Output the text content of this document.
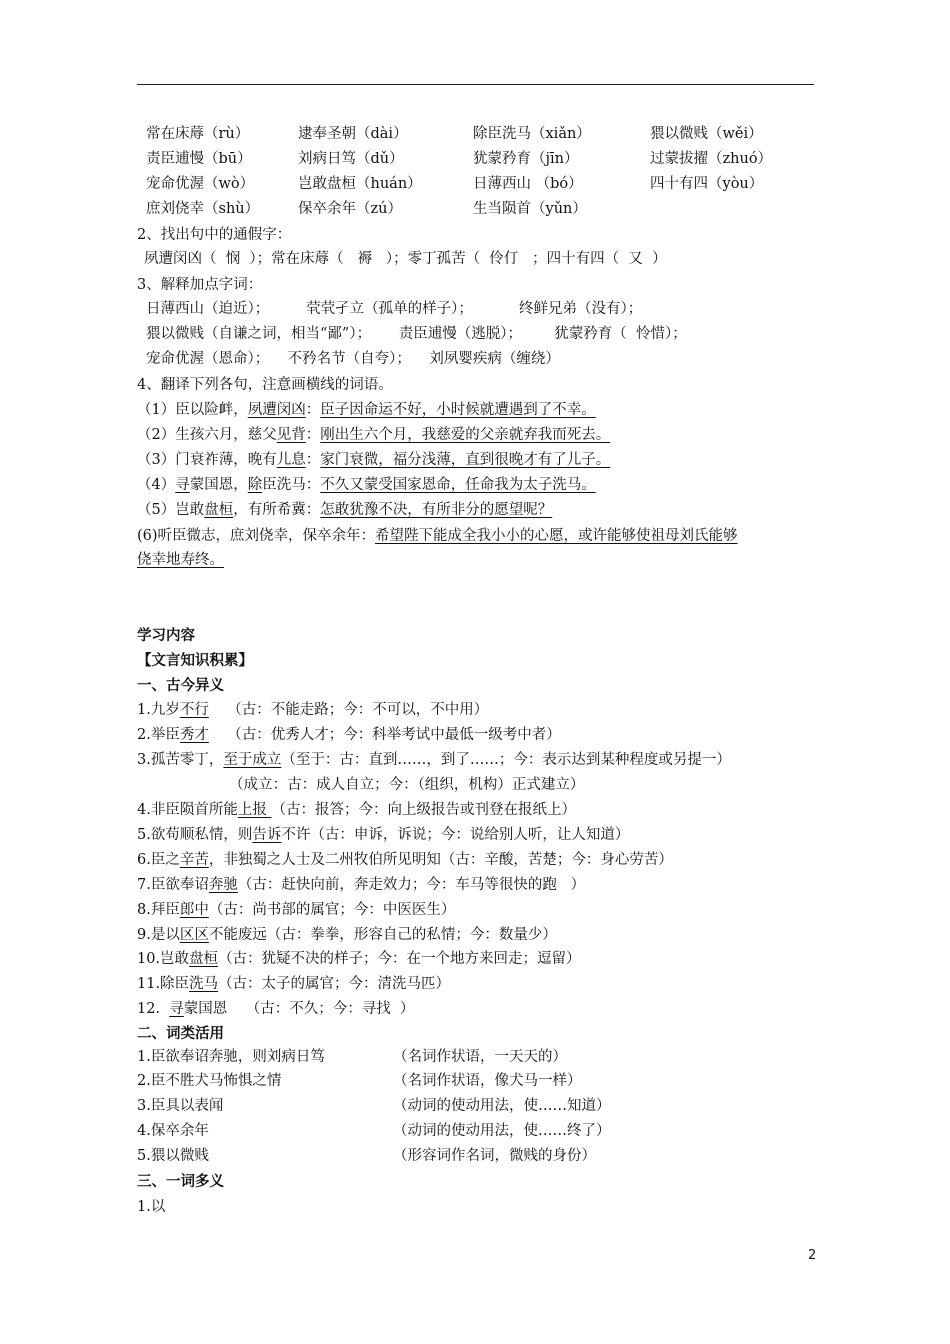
常在床蓐（rù）	逮奉圣朝（dài）	除臣洗马（xiǎn）	猥以微贱（wěi）
责臣逋慢（bū）	刘病日笃（dǔ）	犹蒙矜育（jīn）	过蒙拔擢（zhuó）
宠命优渥（wò）	岂敢盘桓（huán）	日薄西山 （bó）	四十有四（yòu）
庶刘侥幸（shù）	保卒余年（zú）	生当陨首（yǔn）
2、找出句中的通假字：
夙遭闵凶（  悯  ）；常在床蓐（   褥   ）；零丁孤苦（  伶仃   ；四十有四（  又  ）
3、解释加点字词：
日薄西山（迫近）；        茕茕孑立（孤单的样子）；          终鲜兄弟（没有）；
猥以微贱（自谦之词，相当“鄙”）；      责臣逋慢（逃脱）；       犹蒙矜育（  怜惜）；
宠命优渥（恩命）；    不矜名节（自夸）；    刘夙婴疾病（缠绕）
4、翻译下列各句，注意画横线的词语。
（1）臣以险衅，夙遭闵凶：臣子因命运不好，小时候就遭遇到了不幸。
（2）生孩六月，慈父见背：刚出生六个月，我慈爱的父亲就弃我而死去。
（3）门衰祚薄，晚有儿息：家门衰微，福分浅薄，直到很晚才有了儿子。
（4）寻蒙国恩，除臣洗马：不久又蒙受国家恩命，任命我为太子洗马。
（5）岂敢盘桓，有所希冀：怎敢犹豫不决，有所非分的愿望呢？
(6)听臣微志，庶刘侥幸，保卒余年：希望陛下能成全我小小的心愿，或许能够使祖母刘氏能够
侥幸地寿终。
学习内容
【文言知识积累】
一、古今异义
1.九岁不行    （古：不能走路；今：不可以，不中用）
2.举臣秀才    （古：优秀人才；今：科举考试中最低一级考中者）
3.孤苦零丁，至于成立（至于：古：直到……，到了……；今：表示达到某种程度或另提一）
（成立：古：成人自立；今：（组织，机构）正式建立）
4.非臣陨首所能上报 （古：报答；今：向上级报告或刊登在报纸上）
5.欲苟顺私情，则告诉不许（古：申诉，诉说；今：说给别人听，让人知道）
6.臣之辛苦，非独蜀之人士及二州牧伯所见明知（古：辛酸，苦楚；今：身心劳苦）
7.臣欲奉诏奔驰（古：赶快向前，奔走效力；今：车马等很快的跑   ）
8.拜臣郎中（古：尚书部的属官；今：中医医生）
9.是以区区不能废远（古：拳拳，形容自己的私情；今：数量少）
10.岂敢盘桓（古：犹疑不决的样子；今：在一个地方来回走；逗留）
11.除臣洗马（古：太子的属官；今：清洗马匹）
12.  寻蒙国恩    （古：不久；今：寻找  ）
二、词类活用
1.臣欲奉诏奔驰，则刘病日笃	（名词作状语，一天天的）
2.臣不胜犬马怖惧之情	（名词作状语，像犬马一样）
3.臣具以表闻	（动词的使动用法，使……知道）
4.保卒余年	（动词的使动用法，使……终了）
5.猥以微贱	（形容词作名词，微贱的身份）
三、一词多义
1.以
2
